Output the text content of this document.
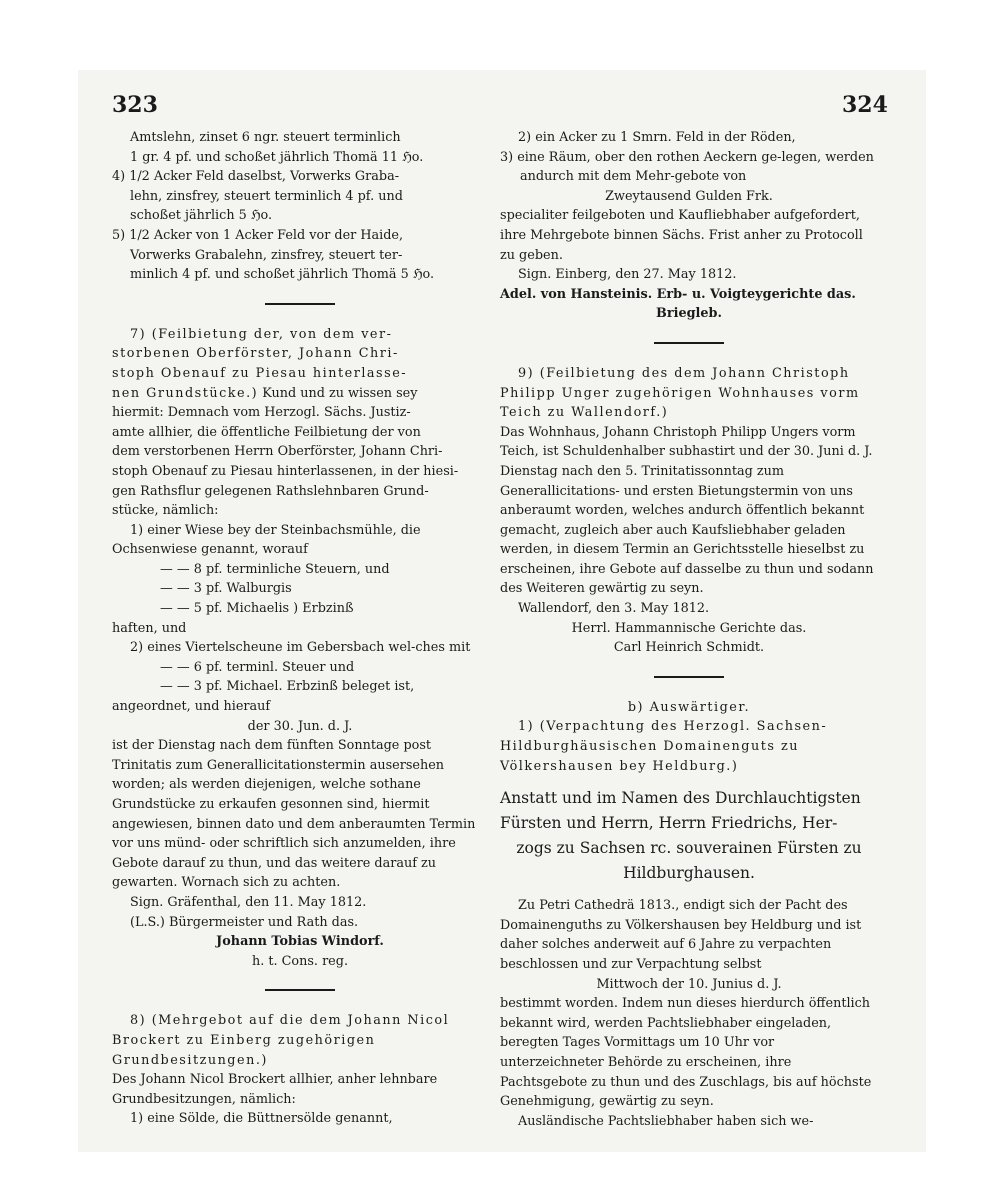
323	324

Amtslehn, zinset 6 ngr. steuert terminlich

1 gr. 4 pf. und schoßet jährlich Thomä 11 ℌo.

4) 1/2 Acker Feld daselbst, Vorwerks Graba-

lehn, zinsfrey, steuert terminlich 4 pf. und

schoßet jährlich 5 ℌo.

5) 1/2 Acker von 1 Acker Feld vor der Haide,

Vorwerks Grabalehn, zinsfrey, steuert ter-

minlich 4 pf. und schoßet jährlich Thomä 5 ℌo.

7) (Feilbietung der, von dem ver-

storbenen Oberförster, Johann Chri-

stoph Obenauf zu Piesau hinterlasse-

nen Grundstücke.) Kund und zu wissen sey

hiermit: Demnach vom Herzogl. Sächs. Justiz-

amte allhier, die öffentliche Feilbietung der von

dem verstorbenen Herrn Oberförster, Johann Chri-

stoph Obenauf zu Piesau hinterlassenen, in der hiesi-

gen Rathsflur gelegenen Rathslehnbaren Grund-

stücke, nämlich:

1) einer Wiese bey der Steinbachsmühle, die Ochsenwiese genannt, worauf

— — 8 pf. terminliche Steuern, und

— — 3 pf. Walburgis

— — 5 pf. Michaelis ) Erbzinß

haften, und

2) eines Viertelscheune im Gebersbach wel-ches mit

— — 6 pf. terminl. Steuer und

— — 3 pf. Michael. Erbzinß beleget ist,

angeordnet, und hierauf

der 30. Jun. d. J.

ist der Dienstag nach dem fünften Sonntage post Trinitatis zum Generallicitationstermin ausersehen worden; als werden diejenigen, welche sothane Grundstücke zu erkaufen gesonnen sind, hiermit angewiesen, binnen dato und dem anberaumten Termin vor uns münd- oder schriftlich sich anzumelden, ihre Gebote darauf zu thun, und das weitere darauf zu gewarten. Wornach sich zu achten.

Sign. Gräfenthal, den 11. May 1812.

(L.S.) Bürgermeister und Rath das.

Johann Tobias Windorf.

h. t. Cons. reg.

8) (Mehrgebot auf die dem Johann Nicol Brockert zu Einberg zugehörigen Grundbesitzungen.)

Des Johann Nicol Brockert allhier, anher lehnbare Grundbesitzungen, nämlich:

1) eine Sölde, die Büttnersölde genannt,

2) ein Acker zu 1 Smrn. Feld in der Röden,

3) eine Räum, ober den rothen Aeckern ge-legen, werden andurch mit dem Mehr-gebote von

Zweytausend Gulden Frk.

specialiter feilgeboten und Kaufliebhaber aufgefordert, ihre Mehrgebote binnen Sächs. Frist anher zu Protocoll zu geben.

Sign. Einberg, den 27. May 1812.

Adel. von Hansteinis. Erb- u. Voigteygerichte das.

Briegleb.

9) (Feilbietung des dem Johann Christoph Philipp Unger zugehörigen Wohnhauses vorm Teich zu Wallendorf.)

Das Wohnhaus, Johann Christoph Philipp Ungers vorm Teich, ist Schuldenhalber subhastirt und der 30. Juni d. J. Dienstag nach den 5. Trinitatissonntag zum Generallicitations- und ersten Bietungstermin von uns anberaumt worden, welches andurch öffentlich bekannt gemacht, zugleich aber auch Kaufsliebhaber geladen werden, in diesem Termin an Gerichtsstelle hieselbst zu erscheinen, ihre Gebote auf dasselbe zu thun und sodann des Weiteren gewärtig zu seyn.

Wallendorf, den 3. May 1812.

Herrl. Hammannische Gerichte das.

Carl Heinrich Schmidt.

b) Auswärtiger.

1) (Verpachtung des Herzogl. Sachsen-Hildburghäusischen Domainenguts zu Völkershausen bey Heldburg.)

Anstatt und im Namen des Durchlauchtigsten

Fürsten und Herrn, Herrn Friedrichs, Her-

zogs zu Sachsen rc. souverainen Fürsten zu

Hildburghausen.

Zu Petri Cathedrä 1813., endigt sich der Pacht des Domainenguths zu Völkershausen bey Heldburg und ist daher solches anderweit auf 6 Jahre zu verpachten beschlossen und zur Verpachtung selbst

Mittwoch der 10. Junius d. J.

bestimmt worden. Indem nun dieses hierdurch öffentlich bekannt wird, werden Pachtsliebhaber eingeladen, beregten Tages Vormittags um 10 Uhr vor unterzeichneter Behörde zu erscheinen, ihre Pachtsgebote zu thun und des Zuschlags, bis auf höchste Genehmigung, gewärtig zu seyn.

Ausländische Pachtsliebhaber haben sich we-
